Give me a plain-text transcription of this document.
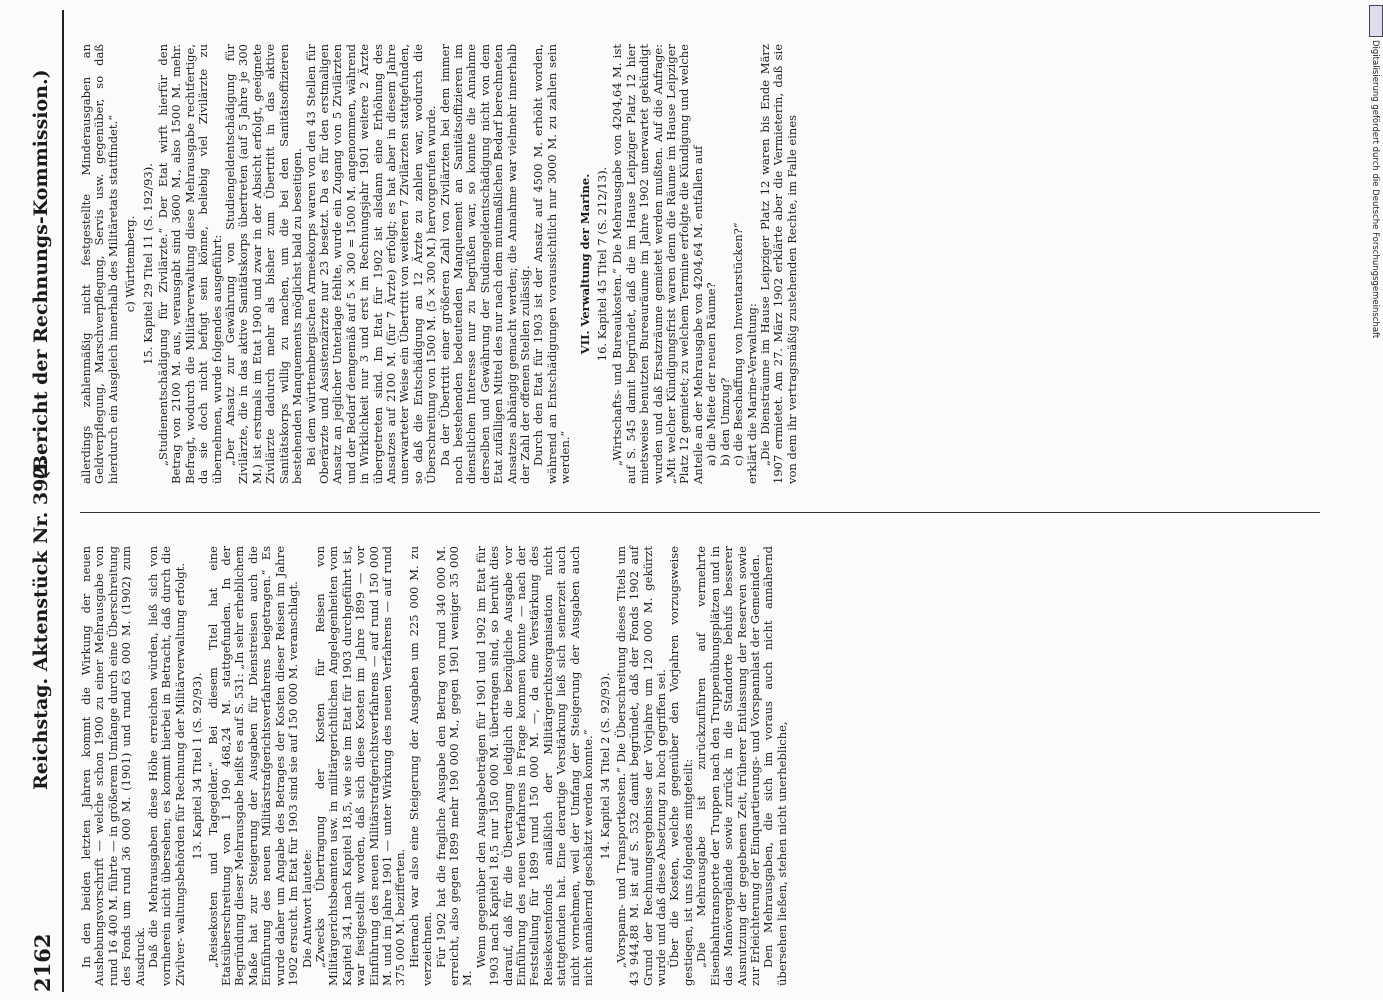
2162
Reichstag. Aktenstück Nr. 392.
(Bericht der Rechnungs-Kommission.)

In den beiden letzten Jahren kommt die Wirkung der neuen Aushebungsvorschrift — welche schon 1900 zu einer Mehrausgabe von rund 16 400 M. führte — in größerem Umfange durch eine Überschreitung des Fonds um rund 36 000 M. (1901) und rund 63 000 M. (1902) zum Ausdruck. Daß die Mehrausgaben diese Höhe erreichen würden, ließ sich von vornherein nicht übersehen; es kommt hierbei in Betracht, daß durch die Zivilver- waltungsbehörden für Rechnung der Militärverwaltung erfolgt. 13. Kapitel 34 Titel 1 (S. 92/93). „Reisekosten und Tagegelder.“ Bei diesem Titel hat eine Etatsüberschreitung von 1 190 468,24 M. stattgefunden. In der Begründung dieser Mehrausgabe heißt es auf S. 531: „In sehr erheblichem Maße hat zur Steigerung der Ausgaben für Dienstreisen auch die Einführung des neuen Militärstrafgerichtsverfahrens beigetragen.“ Es wurde daher um Angabe des Betrages der Kosten dieser Reisen im Jahre 1902 ersucht. Im Etat für 1903 sind sie auf 150 000 M. veranschlagt. Die Antwort lautete: „Zwecks Übertragung der Kosten für Reisen von Militärgerichtsbeamten usw. in militärgerichtlichen Angelegenheiten vom Kapitel 34,1 nach Kapitel 18,5, wie sie im Etat für 1903 durchgeführt ist, war festgestellt worden, daß sich diese Kosten im Jahre 1899 — vor Einführung des neuen Militärstrafgerichtsverfahrens — auf rund 150 000 M. und im Jahre 1901 — unter Wirkung des neuen Verfahrens — auf rund 375 000 M. bezifferten. Hiernach war also eine Steigerung der Ausgaben um 225 000 M. zu verzeichnen. Für 1902 hat die fragliche Ausgabe den Betrag von rund 340 000 M. erreicht, also gegen 1899 mehr 190 000 M., gegen 1901 weniger 35 000 M.

Wenn gegenüber den Ausgabebeträgen für 1901 und 1902 im Etat für 1903 nach Kapitel 18,5 nur 150 000 M. übertragen sind, so beruht dies darauf, daß für die Übertragung lediglich die bezügliche Ausgabe vor Einführung des neuen Verfahrens in Frage kommen konnte — nach der Feststellung für 1899 rund 150 000 M. —, da eine Verstärkung des Reisekostenfonds anläßlich der Militärgerichtsorganisation nicht stattgefunden hat. Eine derartige Verstärkung ließ sich seinerzeit auch nicht vornehmen, weil der Umfang der Steigerung der Ausgaben auch nicht annähernd geschätzt werden konnte.“ 14. Kapitel 34 Titel 2 (S. 92/93). „Vorspann- und Transportkosten.“ Die Überschreitung dieses Titels um 43 944,88 M. ist auf S. 532 damit begründet, daß der Fonds 1902 auf Grund der Rechnungsergebnisse der Vorjahre um 120 000 M. gekürzt wurde und daß diese Absetzung zu hoch gegriffen sei. Über die Kosten, welche gegenüber den Vorjahren vorzugsweise gestiegen, ist uns folgendes mitgeteilt: „Die Mehrausgabe ist zurückzuführen auf vermehrte Eisenbahntransporte der Truppen nach den Truppenübungsplätzen und in das Manövergelände sowie zurück in die Standorte behufs besserer Ausnutzung der gegebenen Zeit, früherer Entlassung der Reserven sowie zur Erleichterung der Einquartierungs- und Vorspannlast der Gemeinden. Den Mehrausgaben, die sich im voraus auch nicht annähernd übersehen ließen, stehen nicht unerhebliche,

allerdings zahlenmäßig nicht festgestellte Minderausgaben an Geldverpflegung, Marschverpflegung, Servis usw. gegenüber, so daß hierdurch ein Ausgleich innerhalb des Militäretats stattfindet.“ c) Württemberg. 15. Kapitel 29 Titel 11 (S. 192/93). „Studienentschädigung für Zivilärzte.“ Der Etat wirft hierfür den Betrag von 2100 M. aus, verausgabt sind 3600 M., also 1500 M. mehr. Befragt, wodurch die Militärverwaltung diese Mehrausgabe rechtfertige, da sie doch nicht befugt sein könne, beliebig viel Zivilärzte zu übernehmen, wurde folgendes ausgeführt: „Der Ansatz zur Gewährung von Studiengeldentschädigung für Zivilärzte, die in das aktive Sanitätskorps übertreten (auf 5 Jahre je 300 M.) ist erstmals im Etat 1900 und zwar in der Absicht erfolgt, geeignete Zivilärzte dadurch mehr als bisher zum Übertritt in das aktive Sanitätskorps willig zu machen, um die bei den Sanitätsoffizieren bestehenden Manquements möglichst bald zu beseitigen. Bei dem württembergischen Armeekorps waren von den 43 Stellen für Oberärzte und Assistenzärzte nur 23 besetzt. Da es für den erstmaligen Ansatz an jeglicher Unterlage fehlte, wurde ein Zugang von 5 Zivilärzten und der Bedarf demgemäß auf 5 × 300 = 1500 M. angenommen, während in Wirklichkeit nur 3 und erst im Rechnungsjahr 1901 weitere 2 Ärzte übergetreten sind. Im Etat für 1902 ist alsdann eine Erhöhung des Ansatzes auf 2100 M. (für 7 Ärzte) erfolgt; es hat aber in diesem Jahre unerwarteter Weise ein Übertritt von weiteren 7 Zivilärzten stattgefunden, so daß die Entschädigung an 12 Ärzte zu zahlen war, wodurch die Überschreitung von 1500 M. (5 × 300 M.) hervorgerufen wurde. Da der Übertritt einer größeren Zahl von Zivilärzten bei dem immer noch bestehenden bedeutenden Manquement an Sanitätsoffizieren im dienstlichen Interesse nur zu begrüßen war, so konnte die Annahme derselben und Gewährung der Studiengeldentschädigung nicht von dem Etat zufälligen Mittel des nur nach dem mutmaßlichen Bedarf berechneten Ansatzes abhängig gemacht werden; die Annahme war vielmehr innerhalb der Zahl der offenen Stellen zulässig. Durch den Etat für 1903 ist der Ansatz auf 4500 M. erhöht worden, während an Entschädigungen voraussichtlich nur 3000 M. zu zahlen sein werden.“

VII. Verwaltung der Marine. 16. Kapitel 45 Titel 7 (S. 212/13). „Wirtschafts- und Bureaukosten.“ Die Mehrausgabe von 4204,64 M. ist auf S. 545 damit begründet, daß die im Hause Leipziger Platz 12 hier mietsweise benutzten Bureauräume im Jahre 1902 unerwartet gekündigt wurden und daß Ersatzräume gemietet werden mußten. Auf die Anfrage: „Mit welcher Kündigungsfrist waren denn die Räume im Hause Leipziger Platz 12 gemietet; zu welchem Termine erfolgte die Kündigung und welche Anteile an der Mehrausgabe von 4204,64 M. entfallen auf a) die Miete der neuen Räume? b) den Umzug? c) die Beschaffung von Inventarstücken?“ erklärt die Marine-Verwaltung: „Die Diensträume im Hause Leipziger Platz 12 waren bis Ende März 1907 ermietet. Am 27. März 1902 erklärte aber die Vermieterin, daß sie von dem ihr vertragsmäßig zustehenden Rechte, im Falle eines	Digitalisierung gefördert durch die Deutsche Forschungsgemeinschaft
